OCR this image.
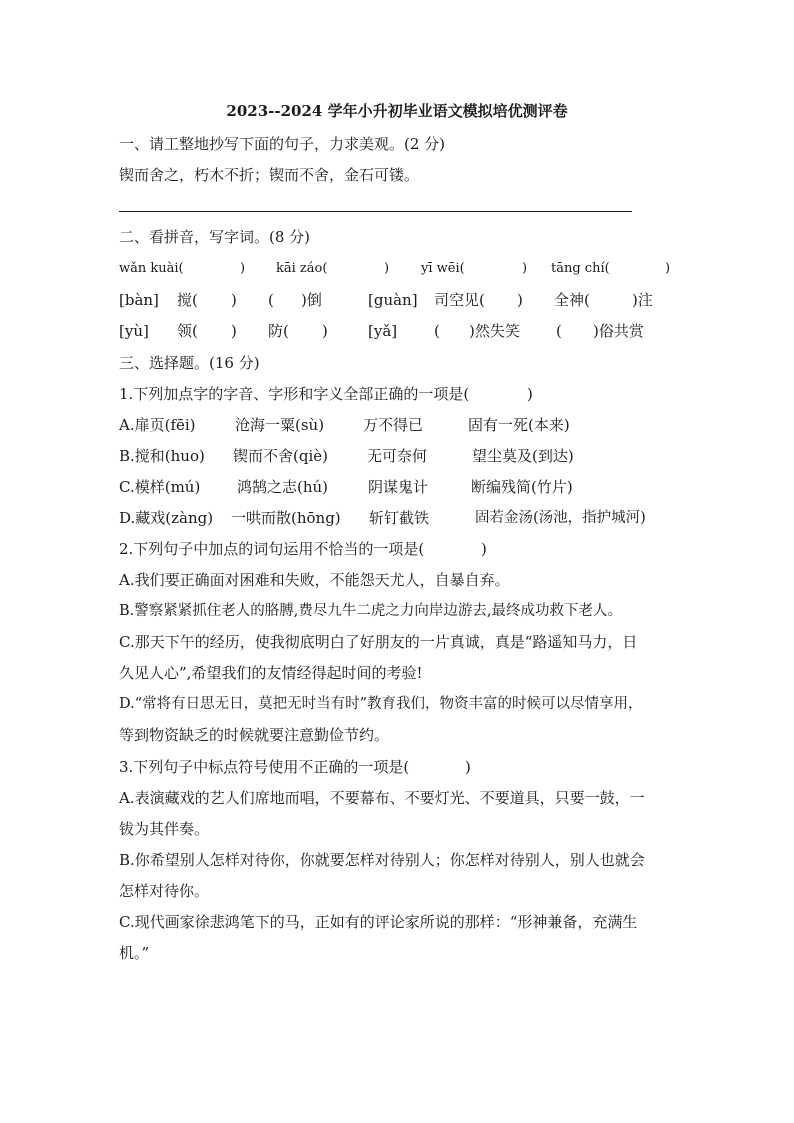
2023--2024 学年小升初毕业语文模拟培优测评卷
一、请工整地抄写下面的句子，力求美观。(2 分)
锲而舍之，朽木不折；锲而不舍，金石可镂。
二、看拼音，写字词。(8 分)
wǎn kuài(	) kāi záo(	) yī wēi(	) tāng chí(	)
[bàn] 搅( ) ( )倒	[guàn] 司空见( ) 全神(	)注
[yù] 领( ) 防( )	[yǎ] ( )然失笑 ( )俗共赏
三、选择题。(16 分)
1.下列加点字的字音、字形和字义全部正确的一项是(	)
A.扉页(fēi)	沧海一粟(sù)	万不得已	固有一死(本来)
B.搅和(huo) 锲而不舍(qiè)	无可奈何	望尘莫及(到达)
C.模样(mú) 鸿鹄之志(hú)	阴谋鬼计	断编残简(竹片)
D.藏戏(zàng) 一哄而散(hōng) 斩钉截铁	固若金汤(汤池，指护城河)
2.下列句子中加点的词句运用不恰当的一项是(	)
A.我们要正确面对困难和失败，不能怨天尤人，自暴自弃。
B.警察紧紧抓住老人的胳膊,费尽九牛二虎之力向岸边游去,最终成功救下老人。
C.那天下午的经历，使我彻底明白了好朋友的一片真诚，真是“路遥知马力，日
久见人心”,希望我们的友情经得起时间的考验!
D.“常将有日思无日，莫把无时当有时”教育我们，物资丰富的时候可以尽情享用，
等到物资缺乏的时候就要注意勤俭节约。
3.下列句子中标点符号使用不正确的一项是(	)
A.表演藏戏的艺人们席地而唱，不要幕布、不要灯光、不要道具，只要一鼓，一
钹为其伴奏。
B.你希望别人怎样对待你，你就要怎样对待别人；你怎样对待别人，别人也就会
怎样对待你。
C.现代画家徐悲鸿笔下的马，正如有的评论家所说的那样：“形神兼备，充满生
机。”
